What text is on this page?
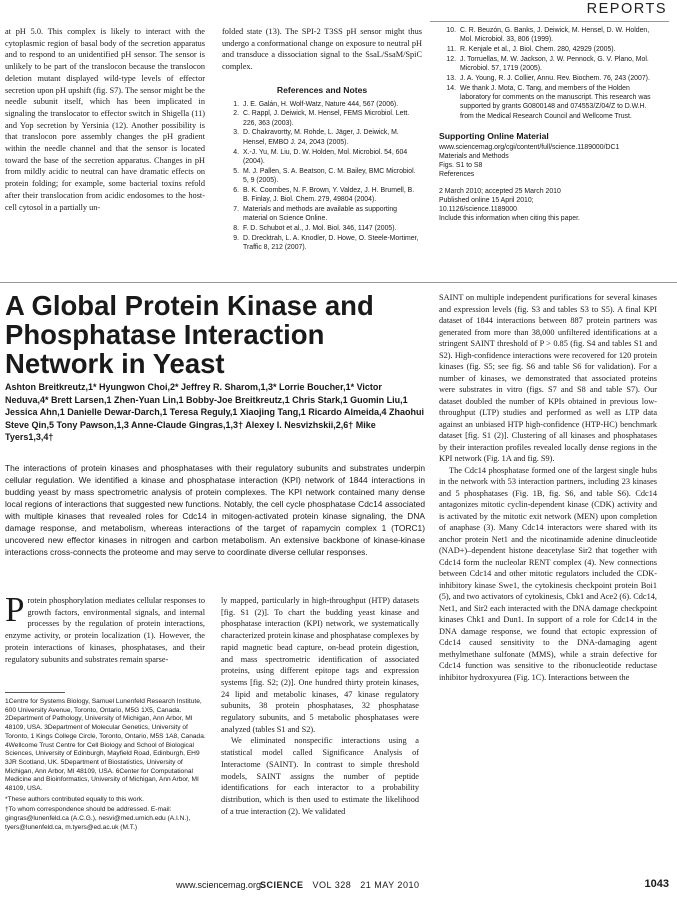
REPORTS

at pH 5.0. This complex is likely to interact with the cytoplasmic region of basal body of the secretion apparatus and to respond to an unidentified pH sensor. The sensor is unlikely to be part of the translocon because the translocon deletion mutant displayed wild-type levels of effector secretion upon pH upshift (fig. S7). The sensor might be the needle subunit itself, which has been implicated in signaling the translocator to effector switch in Shigella (11) and Yop secretion by Yersinia (12). Another possibility is that translocon pore assembly changes the pH gradient within the needle channel and that the sensor is located toward the base of the secretion apparatus. Changes in pH from mildly acidic to neutral can have dramatic effects on protein folding; for example, some bacterial toxins refold after their translocation from acidic endosomes to the host-cell cytosol in a partially un-

folded state (13). The SPI-2 T3SS pH sensor might thus undergo a conformational change on exposure to neutral pH and transduce a dissociation signal to the SsaL/SsaM/SpiC complex.

References and Notes
1. J. E. Galán, H. Wolf-Watz, Nature 444, 567 (2006).
2. C. Rappl, J. Deiwick, M. Hensel, FEMS Microbiol. Lett. 226, 363 (2003).
3. D. Chakravortty, M. Rohde, L. Jäger, J. Deiwick, M. Hensel, EMBO J. 24, 2043 (2005).
4. X.-J. Yu, M. Liu, D. W. Holden, Mol. Microbiol. 54, 604 (2004).
5. M. J. Pallen, S. A. Beatson, C. M. Bailey, BMC Microbiol. 5, 9 (2005).
6. B. K. Coombes, N. F. Brown, Y. Valdez, J. H. Brumell, B. B. Finlay, J. Biol. Chem. 279, 49804 (2004).
7. Materials and methods are available as supporting material on Science Online.
8. F. D. Schubot et al., J. Mol. Biol. 346, 1147 (2005).
9. D. Drecktrah, L. A. Knodler, D. Howe, O. Steele-Mortimer, Traffic 8, 212 (2007).
10. C. R. Beuzón, G. Banks, J. Deiwick, M. Hensel, D. W. Holden, Mol. Microbiol. 33, 806 (1999).
11. R. Kenjale et al., J. Biol. Chem. 280, 42929 (2005).
12. J. Torruellas, M. W. Jackson, J. W. Pennock, G. V. Plano, Mol. Microbiol. 57, 1719 (2005).
13. J. A. Young, R. J. Collier, Annu. Rev. Biochem. 76, 243 (2007).
14. We thank J. Mota, C. Tang, and members of the Holden laboratory for comments on the manuscript. This research was supported by grants G0800148 and 074553/Z/04/Z to D.W.H. from the Medical Research Council and Wellcome Trust.
Supporting Online Material
www.sciencemag.org/cgi/content/full/science.1189000/DC1
Materials and Methods
Figs. S1 to S8
References
2 March 2010; accepted 25 March 2010
Published online 15 April 2010;
10.1126/science.1189000
Include this information when citing this paper.
A Global Protein Kinase and Phosphatase Interaction Network in Yeast
Ashton Breitkreutz,1* Hyungwon Choi,2* Jeffrey R. Sharom,1,3* Lorrie Boucher,1* Victor Neduva,4* Brett Larsen,1 Zhen-Yuan Lin,1 Bobby-Joe Breitkreutz,1 Chris Stark,1 Guomin Liu,1 Jessica Ahn,1 Danielle Dewar-Darch,1 Teresa Reguly,1 Xiaojing Tang,1 Ricardo Almeida,4 Zhaohui Steve Qin,5 Tony Pawson,1,3 Anne-Claude Gingras,1,3† Alexey I. Nesvizhskii,2,6† Mike Tyers1,3,4†
The interactions of protein kinases and phosphatases with their regulatory subunits and substrates underpin cellular regulation. We identified a kinase and phosphatase interaction (KPI) network of 1844 interactions in budding yeast by mass spectrometric analysis of protein complexes. The KPI network contained many dense local regions of interactions that suggested new functions. Notably, the cell cycle phosphatase Cdc14 associated with multiple kinases that revealed roles for Cdc14 in mitogen-activated protein kinase signaling, the DNA damage response, and metabolism, whereas interactions of the target of rapamycin complex 1 (TORC1) uncovered new effector kinases in nitrogen and carbon metabolism. An extensive backbone of kinase-kinase interactions cross-connects the proteome and may serve to coordinate diverse cellular responses.
Protein phosphorylation mediates cellular responses to growth factors, environmental signals, and internal processes by the regulation of protein interactions, enzyme activity, or protein localization (1). However, the protein interactions of kinases, phosphatases, and their regulatory subunits and substrates remain sparse-

1Centre for Systems Biology, Samuel Lunenfeld Research Institute, 600 University Avenue, Toronto, Ontario, M5G 1X5, Canada. 2Department of Pathology, University of Michigan, Ann Arbor, MI 48109, USA. 3Department of Molecular Genetics, University of Toronto, 1 Kings College Circle, Toronto, Ontario, M5S 1A8, Canada. 4Wellcome Trust Centre for Cell Biology and School of Biological Sciences, University of Edinburgh, Mayfield Road, Edinburgh, EH9 3JR Scotland, UK. 5Department of Biostatistics, University of Michigan, Ann Arbor, MI 48109, USA. 6Center for Computational Medicine and Bioinformatics, University of Michigan, Ann Arbor, MI 48109, USA.

*These authors contributed equally to this work.

†To whom correspondence should be addressed. E-mail: gingras@lunenfeld.ca (A.C.G.), nesvi@med.umich.edu (A.I.N.), tyers@lunenfeld.ca, m.tyers@ed.ac.uk (M.T.)

ly mapped, particularly in high-throughput (HTP) datasets [fig. S1 (2)]. To chart the budding yeast kinase and phosphatase interaction (KPI) network, we systematically characterized protein kinase and phosphatase complexes by rapid magnetic bead capture, on-bead protein digestion, and mass spectrometric identification of associated proteins, using different epitope tags and expression systems [fig. S2; (2)]. One hundred thirty protein kinases, 24 lipid and metabolic kinases, 47 kinase regulatory subunits, 38 protein phosphatases, 32 phosphatase regulatory subunits, and 5 metabolic phosphatases were analyzed (tables S1 and S2).

We eliminated nonspecific interactions using a statistical model called Significance Analysis of Interactome (SAINT). In contrast to simple threshold models, SAINT assigns the number of peptide identifications for each interactor to a probability distribution, which is then used to estimate the likelihood of a true interaction (2). We validated

SAINT on multiple independent purifications for several kinases and expression levels (fig. S3 and tables S3 to S5). A final KPI dataset of 1844 interactions between 887 protein partners was generated from more than 38,000 unfiltered identifications at a stringent SAINT threshold of P > 0.85 (fig. S4 and tables S1 and S2). High-confidence interactions were recovered for 120 protein kinases (fig. S5; see fig. S6 and table S6 for validation). For a number of kinases, we demonstrated that associated proteins were substrates in vitro (figs. S7 and S8 and table S7). Our dataset doubled the number of KPIs obtained in previous low-throughput (LTP) studies and performed as well as LTP data against an unbiased HTP high-confidence (HTP-HC) benchmark dataset [fig. S1 (2)]. Clustering of all kinases and phosphatases by their interaction profiles revealed locally dense regions in the KPI network (Fig. 1A and fig. S9).

The Cdc14 phosphatase formed one of the largest single hubs in the network with 53 interaction partners, including 23 kinases and 5 phosphatases (Fig. 1B, fig. S6, and table S6). Cdc14 antagonizes mitotic cyclin-dependent kinase (CDK) activity and is activated by the mitotic exit network (MEN) upon completion of anaphase (3). Many Cdc14 interactors were shared with its anchor protein Net1 and the nicotinamide adenine dinucleotide (NAD+)–dependent histone deacetylase Sir2 that together with Cdc14 form the nucleolar RENT complex (4). New connections between Cdc14 and other mitotic regulators included the CDK-inhibitory kinase Swe1, the cytokinesis checkpoint protein Boi1 (5), and two activators of cytokinesis, Cbk1 and Ace2 (6). Cdc14, Net1, and Sir2 each interacted with the DNA damage checkpoint kinases Chk1 and Dun1. In support of a role for Cdc14 in the DNA damage response, we found that ectopic expression of Cdc14 caused sensitivity to the DNA-damaging agent methylmethane sulfonate (MMS), while a strain defective for Cdc14 function was sensitive to the ribonucleotide reductase inhibitor hydroxyurea (Fig. 1C). Interactions between the

www.sciencemag.org
SCIENCE VOL 328 21 MAY 2010	1043
